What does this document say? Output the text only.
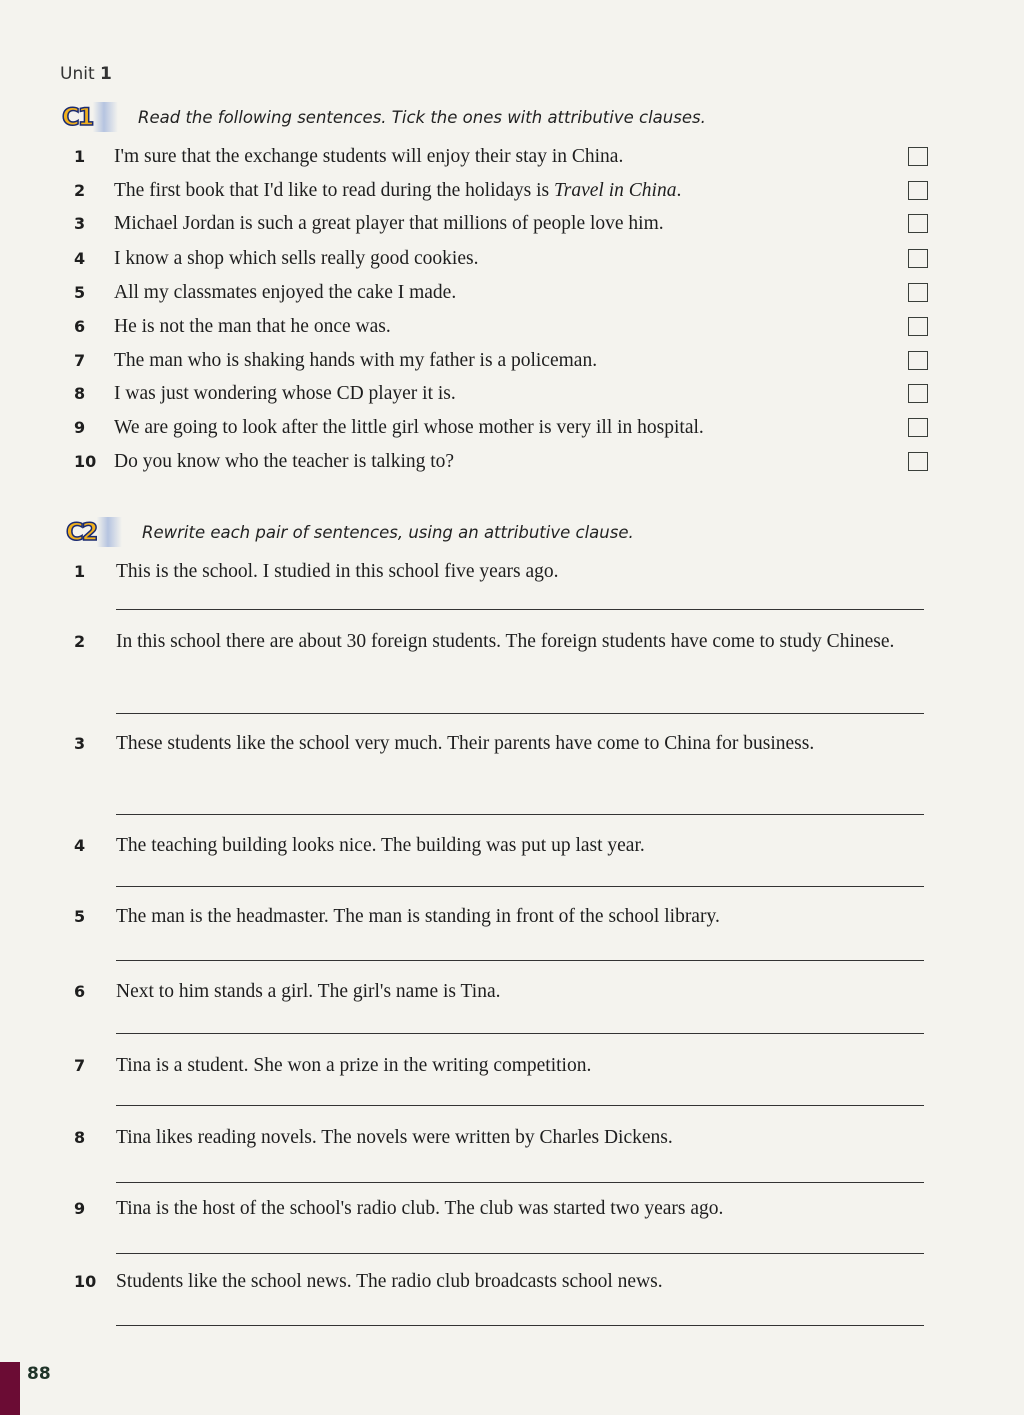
Unit 1
C1	Read the following sentences. Tick the ones with attributive clauses.
1 I'm sure that the exchange students will enjoy their stay in China.
2 The first book that I'd like to read during the holidays is Travel in China.
3 Michael Jordan is such a great player that millions of people love him.
4 I know a shop which sells really good cookies.
5 All my classmates enjoyed the cake I made.
6 He is not the man that he once was.
7 The man who is shaking hands with my father is a policeman.
8 I was just wondering whose CD player it is.
9 We are going to look after the little girl whose mother is very ill in hospital.
10 Do you know who the teacher is talking to?
C2	Rewrite each pair of sentences, using an attributive clause.
1 This is the school. I studied in this school five years ago.
2 In this school there are about 30 foreign students. The foreign students have come to study Chinese.
3 These students like the school very much. Their parents have come to China for business.
4 The teaching building looks nice. The building was put up last year.
5 The man is the headmaster. The man is standing in front of the school library.
6 Next to him stands a girl. The girl's name is Tina.
7 Tina is a student. She won a prize in the writing competition.
8 Tina likes reading novels. The novels were written by Charles Dickens.
9 Tina is the host of the school's radio club. The club was started two years ago.
10 Students like the school news. The radio club broadcasts school news.
88
